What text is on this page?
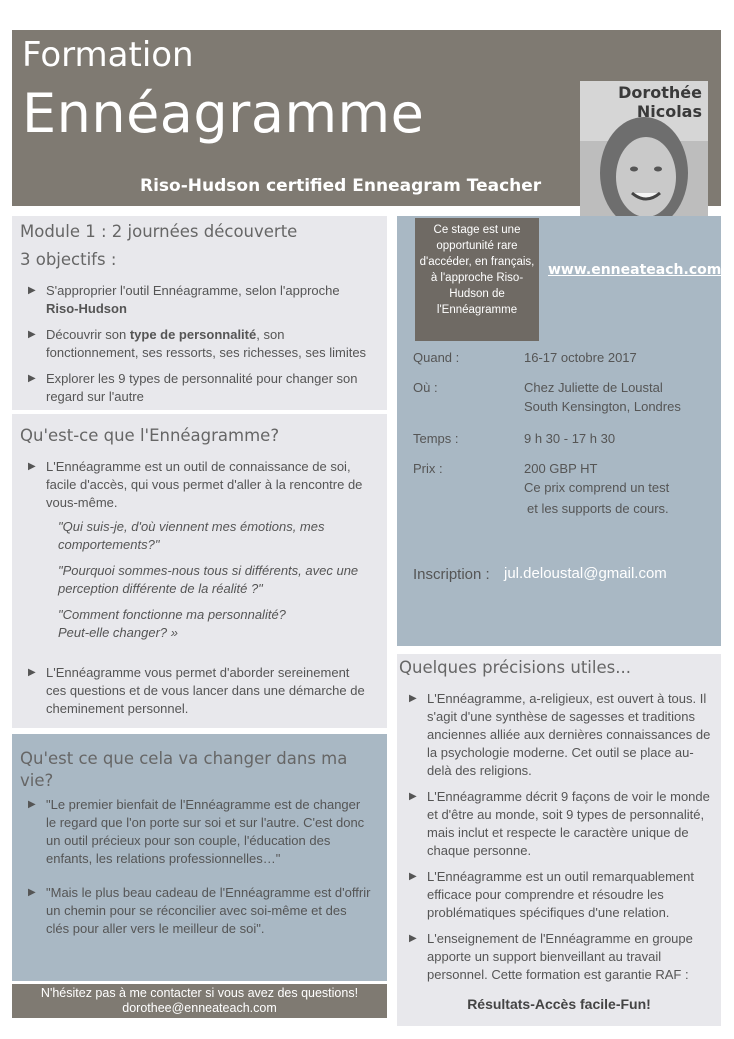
Formation
Ennéagramme
Riso-Hudson certified Enneagram Teacher
Dorothée
Nicolas
Module 1 : 2 journées découverte
3 objectifs :
▶ S'approprier l'outil Ennéagramme, selon l'approche Riso-Hudson
▶ Découvrir son type de personnalité, son fonctionnement, ses ressorts, ses richesses, ses limites
▶ Explorer les 9 types de personnalité pour changer son regard sur l'autre
Qu'est-ce que l'Ennéagramme?
▶ L'Ennéagramme est un outil de connaissance de soi, facile d'accès, qui vous permet d'aller à la rencontre de vous-même.
"Qui suis-je, d'où viennent mes émotions, mes comportements?"
"Pourquoi sommes-nous tous si différents, avec une perception différente de la réalité ?"
"Comment fonctionne ma personnalité?
Peut-elle changer? »
▶ L'Ennéagramme vous permet d'aborder sereinement ces questions et de vous lancer dans une démarche de cheminement personnel.
Qu'est ce que cela va changer dans ma vie?
▶ "Le premier bienfait de l'Ennéagramme est de changer le regard que l'on porte sur soi et sur l'autre. C'est donc un outil précieux pour son couple, l'éducation des enfants, les relations professionnelles…"
▶ "Mais le plus beau cadeau de l'Ennéagramme est d'offrir un chemin pour se réconcilier avec soi-même et des clés pour aller vers le meilleur de soi".
N'hésitez pas à me contacter si vous avez des questions!
dorothee@enneateach.com
Ce stage est une opportunité rare d'accéder, en français, à l'approche Riso-Hudson de l'Ennéagramme
www.enneateach.com
Quand :	16-17 octobre 2017
Où :	Chez Juliette de Loustal
South Kensington, Londres
Temps :	9 h 30 - 17 h 30
Prix :	200 GBP HT
Ce prix comprend un test
et les supports de cours.
Inscription : jul.deloustal@gmail.com
Quelques précisions utiles...
▶ L'Ennéagramme, a-religieux, est ouvert à tous. Il s'agit d'une synthèse de sagesses et traditions anciennes alliée aux dernières connaissances de la psychologie moderne. Cet outil se place au-delà des religions.
▶ L'Ennéagramme décrit 9 façons de voir le monde et d'être au monde, soit 9 types de personnalité, mais inclut et respecte le caractère unique de chaque personne.
▶ L'Ennéagramme est un outil remarquablement efficace pour comprendre et résoudre les problématiques spécifiques d'une relation.
▶ L'enseignement de l'Ennéagramme en groupe apporte un support bienveillant au travail personnel. Cette formation est garantie RAF :
Résultats-Accès facile-Fun!
